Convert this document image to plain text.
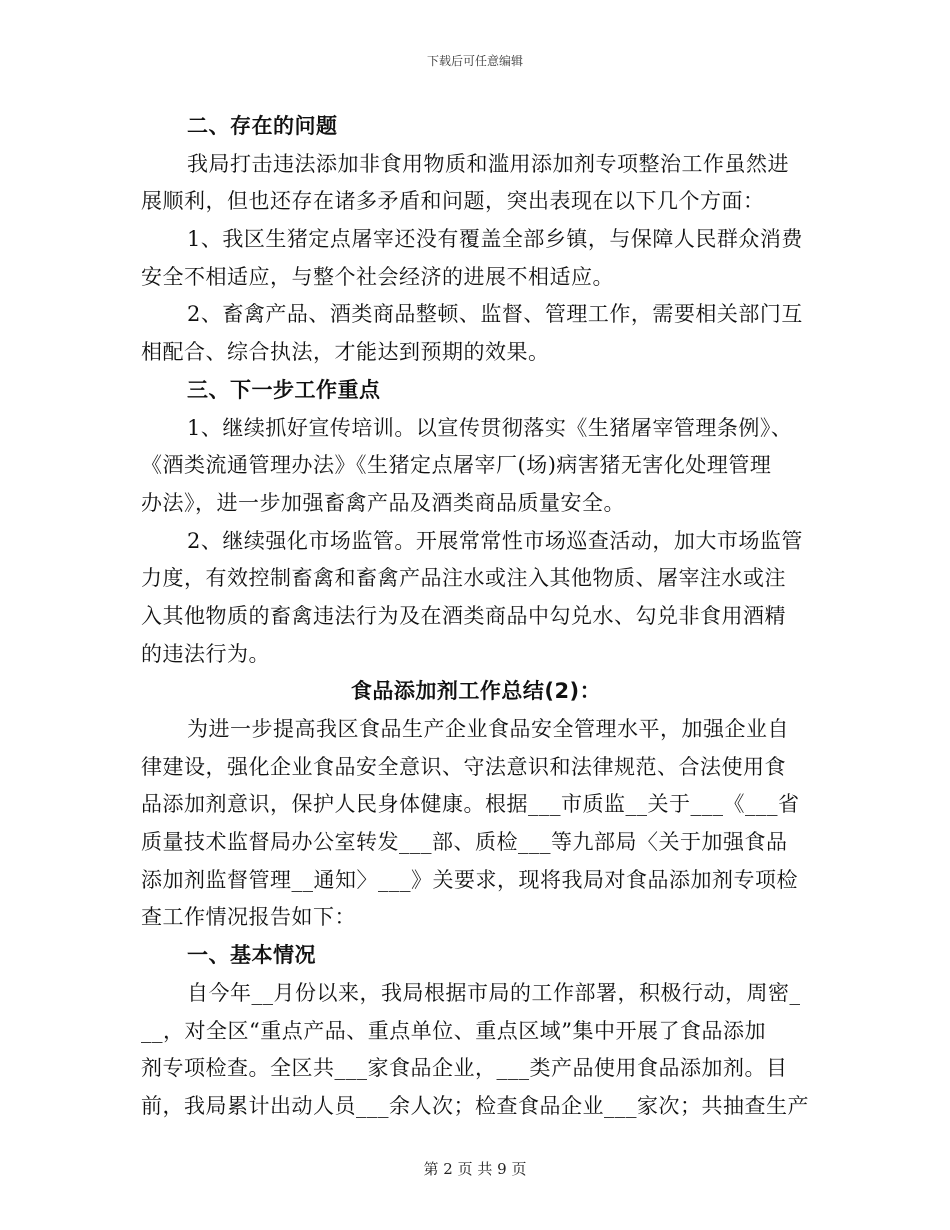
下载后可任意编辑
二、存在的问题
我局打击违法添加非食用物质和滥用添加剂专项整治工作虽然进
展顺利，但也还存在诸多矛盾和问题，突出表现在以下几个方面：
1、我区生猪定点屠宰还没有覆盖全部乡镇，与保障人民群众消费
安全不相适应，与整个社会经济的进展不相适应。
2、畜禽产品、酒类商品整顿、监督、管理工作，需要相关部门互
相配合、综合执法，才能达到预期的效果。
三、下一步工作重点
1、继续抓好宣传培训。以宣传贯彻落实《生猪屠宰管理条例》、
《酒类流通管理办法》《生猪定点屠宰厂(场)病害猪无害化处理管理
办法》，进一步加强畜禽产品及酒类商品质量安全。
2、继续强化市场监管。开展常常性市场巡查活动，加大市场监管
力度，有效控制畜禽和畜禽产品注水或注入其他物质、屠宰注水或注
入其他物质的畜禽违法行为及在酒类商品中勾兑水、勾兑非食用酒精
的违法行为。
食品添加剂工作总结(2)：
为进一步提高我区食品生产企业食品安全管理水平，加强企业自
律建设，强化企业食品安全意识、守法意识和法律规范、合法使用食
品添加剂意识，保护人民身体健康。根据___市质监__关于___《___省
质量技术监督局办公室转发___部、质检___等九部局〈关于加强食品
添加剂监督管理__通知〉___》关要求，现将我局对食品添加剂专项检
查工作情况报告如下：
一、基本情况
自今年__月份以来，我局根据市局的工作部署，积极行动，周密_
__，对全区“重点产品、重点单位、重点区域”集中开展了食品添加
剂专项检查。全区共___家食品企业，___类产品使用食品添加剂。目
前，我局累计出动人员___余人次；检查食品企业___家次；共抽查生产
第 2 页 共 9 页
